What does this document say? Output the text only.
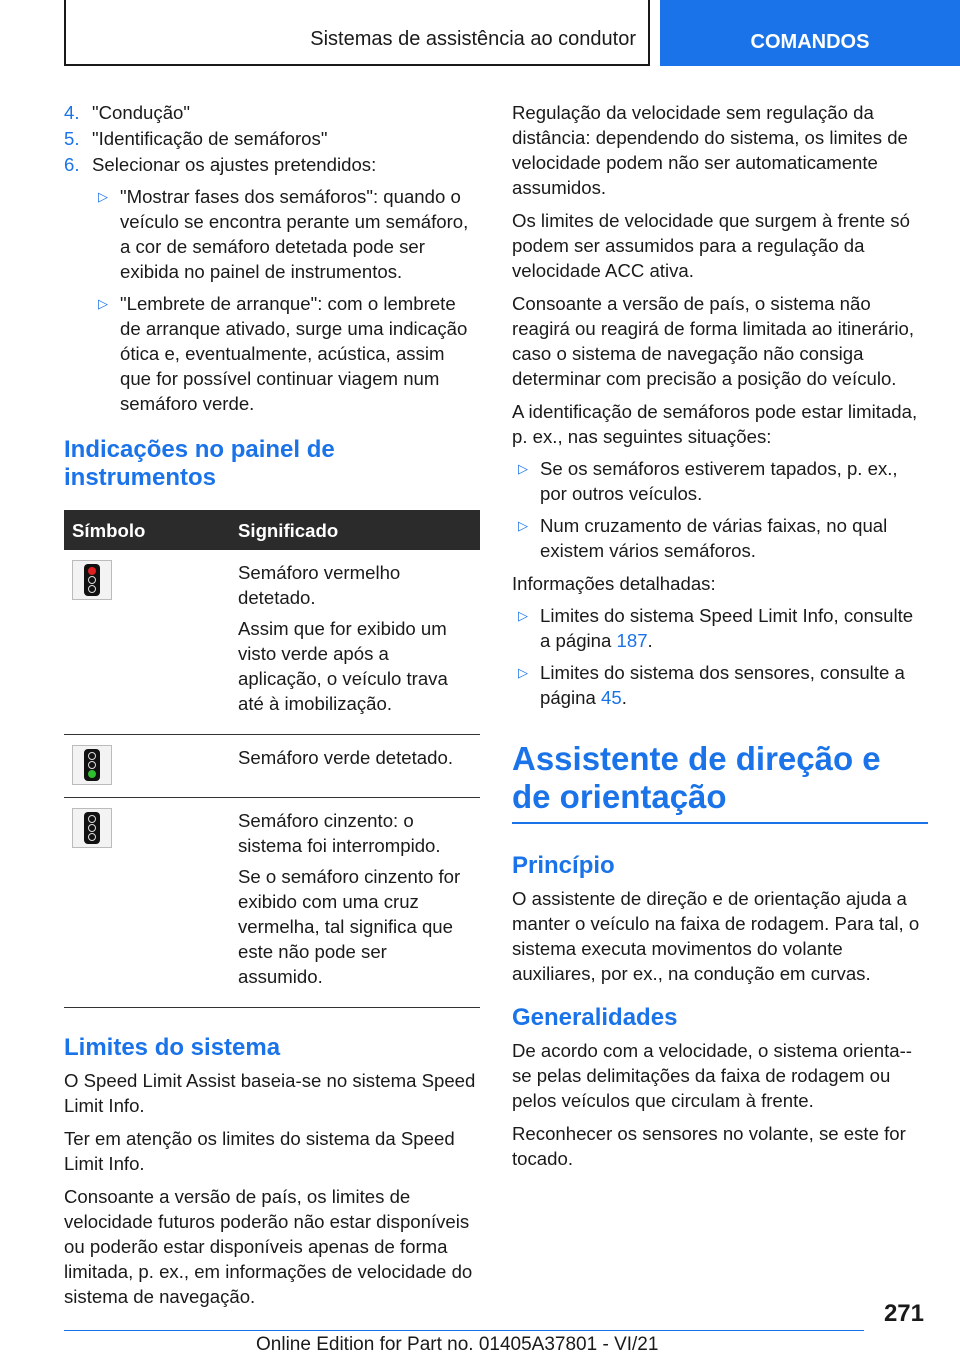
Sistemas de assistência ao condutor	COMANDOS
4. "Condução"
5. "Identificação de semáforos"
6. Selecionar os ajustes pretendidos:
▷ "Mostrar fases dos semáforos": quando o veículo se encontra perante um semáforo, a cor de semáforo detetada pode ser exibida no painel de instrumentos.
▷ "Lembrete de arranque": com o lembrete de arranque ativado, surge uma indicação ótica e, eventualmente, acústica, assim que for possível continuar viagem num semáforo verde.
Indicações no painel de instrumentos
Símbolo	Significado

	Semáforo vermelho detetado.

Assim que for exibido um visto verde após a aplicação, o veículo trava até à imobilização.

	Semáforo verde detetado.

	Semáforo cinzento: o sistema foi interrompido.

Se o semáforo cinzento for exibido com uma cruz vermelha, tal significa que este não pode ser assumido.

Limites do sistema

O Speed Limit Assist baseia-se no sistema Speed Limit Info.

Ter em atenção os limites do sistema da Speed Limit Info.

Consoante a versão de país, os limites de velocidade futuros poderão não estar disponíveis ou poderão estar disponíveis apenas de forma limitada, p. ex., em informações de velocidade do sistema de navegação.

Regulação da velocidade sem regulação da distância: dependendo do sistema, os limites de velocidade podem não ser automaticamente assumidos.

Os limites de velocidade que surgem à frente só podem ser assumidos para a regulação da velocidade ACC ativa.

Consoante a versão de país, o sistema não reagirá ou reagirá de forma limitada ao itinerário, caso o sistema de navegação não consiga determinar com precisão a posição do veículo.

A identificação de semáforos pode estar limitada, p. ex., nas seguintes situações:

▷ Se os semáforos estiverem tapados, p. ex., por outros veículos.
▷ Num cruzamento de várias faixas, no qual existem vários semáforos.

Informações detalhadas:

▷ Limites do sistema Speed Limit Info, consulte a página 187.
▷ Limites do sistema dos sensores, consulte a página 45.
Assistente de direção e de orientação
Princípio

O assistente de direção e de orientação ajuda a manter o veículo na faixa de rodagem. Para tal, o sistema executa movimentos do volante auxiliares, por ex., na condução em curvas.

Generalidades

De acordo com a velocidade, o sistema orienta--se pelas delimitações da faixa de rodagem ou pelos veículos que circulam à frente.

Reconhecer os sensores no volante, se este for tocado.

271
Online Edition for Part no. 01405A37801 - VI/21
